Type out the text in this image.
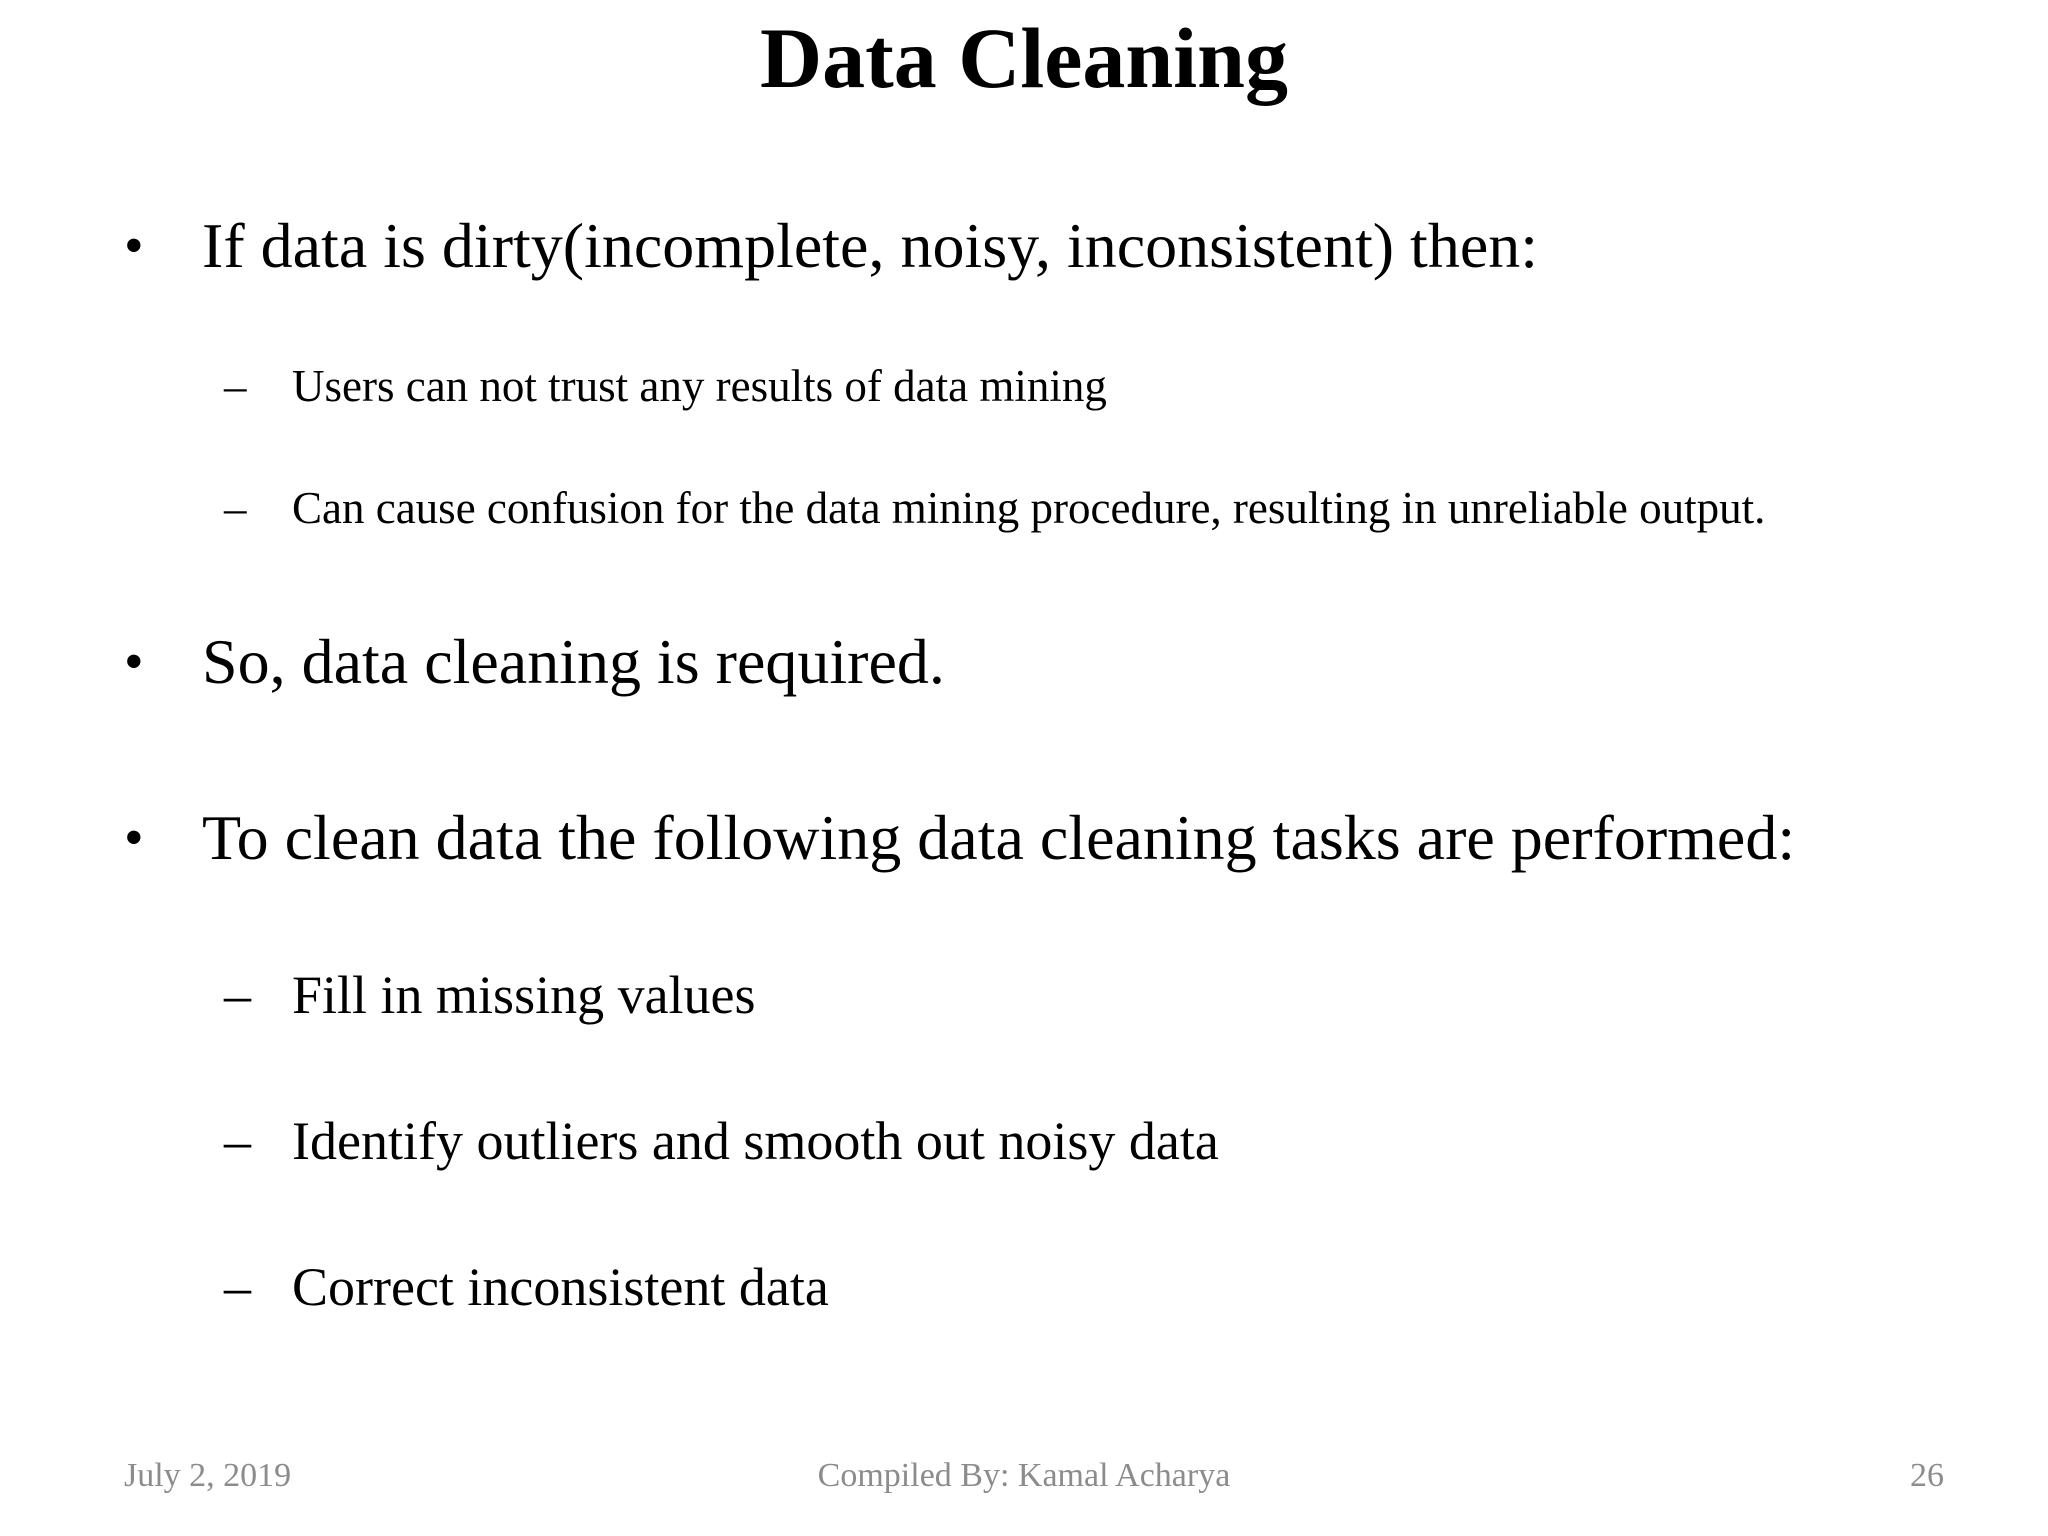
Data Cleaning
• If data is dirty(incomplete, noisy, inconsistent) then:
– Users can not trust any results of data mining
– Can cause confusion for the data mining procedure, resulting in unreliable output.
• So, data cleaning is required.
• To clean data the following data cleaning tasks are performed:
– Fill in missing values
– Identify outliers and smooth out noisy data
– Correct inconsistent data
July 2, 2019	Compiled By: Kamal Acharya	26
